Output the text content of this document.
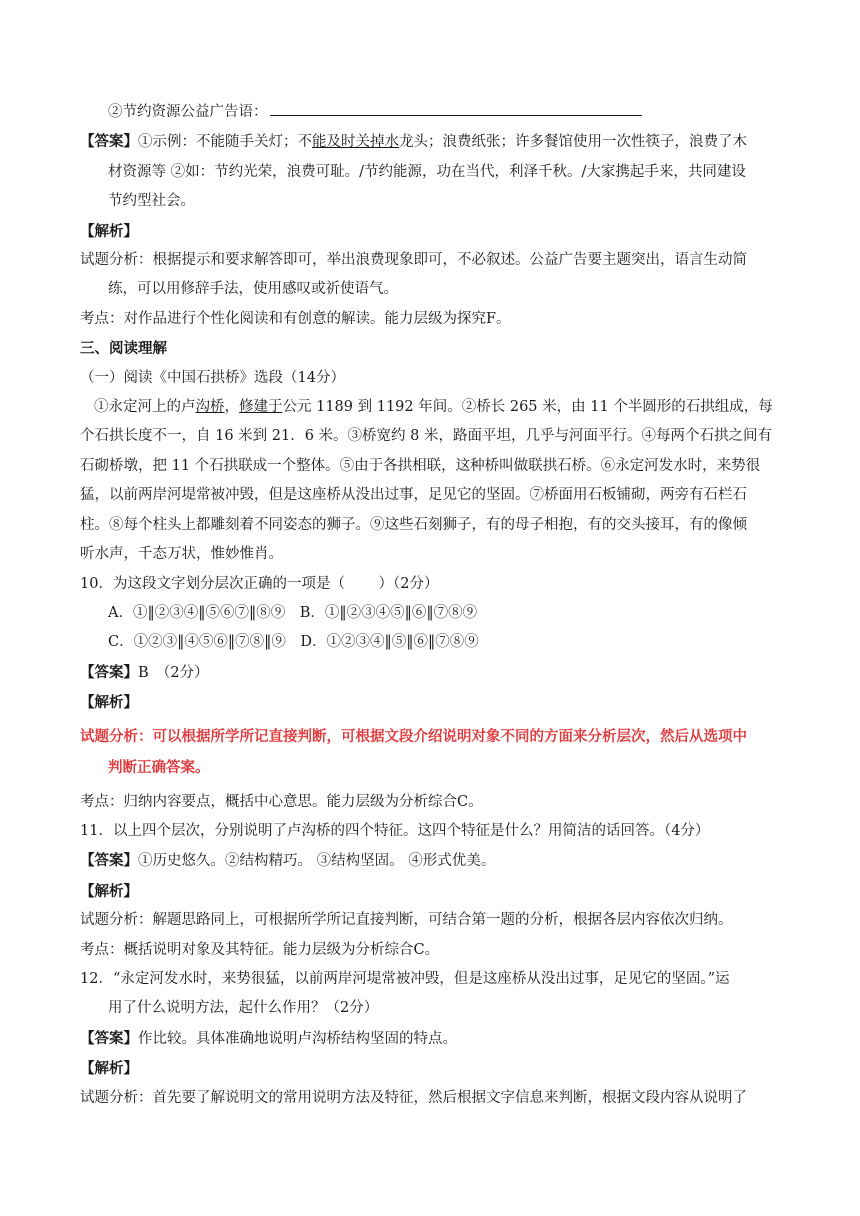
②节约资源公益广告语：
【答案】①示例：不能随手关灯；不能及时关掉水龙头；浪费纸张；许多餐馆使用一次性筷子，浪费了木
材资源等 ②如：节约光荣，浪费可耻。/节约能源，功在当代，利泽千秋。/大家携起手来，共同建设
节约型社会。
【解析】
试题分析：根据提示和要求解答即可，举出浪费现象即可，不必叙述。公益广告要主题突出，语言生动简
练，可以用修辞手法，使用感叹或祈使语气。
考点：对作品进行个性化阅读和有创意的解读。能力层级为探究F。
三、阅读理解
（一）阅读《中国石拱桥》选段（14分）
①永定河上的卢沟桥，修建于公元 1189 到 1192 年间。②桥长 265 米，由 11 个半圆形的石拱组成，每
个石拱长度不一，自 16 米到 21．6 米。③桥宽约 8 米，路面平坦，几乎与河面平行。④每两个石拱之间有
石砌桥墩，把 11 个石拱联成一个整体。⑤由于各拱相联，这种桥叫做联拱石桥。⑥永定河发水时，来势很
猛，以前两岸河堤常被冲毁，但是这座桥从没出过事，足见它的坚固。⑦桥面用石板铺砌，两旁有石栏石
柱。⑧每个柱头上都雕刻着不同姿态的狮子。⑨这些石刻狮子，有的母子相抱，有的交头接耳，有的像倾
听水声，千态万状，惟妙惟肖。
10．为这段文字划分层次正确的一项是（　　 ）（2分）
A．①‖②③④‖⑤⑥⑦‖⑧⑨　B．①‖②③④⑤‖⑥‖⑦⑧⑨
C．①②③‖④⑤⑥‖⑦⑧‖⑨　D．①②③④‖⑤‖⑥‖⑦⑧⑨
【答案】B　（2分）
【解析】
试题分析：可以根据所学所记直接判断，可根据文段介绍说明对象不同的方面来分析层次，然后从选项中
判断正确答案。
考点：归纳内容要点，概括中心意思。能力层级为分析综合C。
11．以上四个层次，分别说明了卢沟桥的四个特征。这四个特征是什么？用简洁的话回答。（4分）
【答案】①历史悠久。②结构精巧。 ③结构坚固。 ④形式优美。
【解析】
试题分析：解题思路同上，可根据所学所记直接判断，可结合第一题的分析，根据各层内容依次归纳。
考点：概括说明对象及其特征。能力层级为分析综合C。
12．“永定河发水时，来势很猛，以前两岸河堤常被冲毁，但是这座桥从没出过事，足见它的坚固。”运
用了什么说明方法，起什么作用？（2分）
【答案】作比较。具体准确地说明卢沟桥结构坚固的特点。
【解析】
试题分析：首先要了解说明文的常用说明方法及特征，然后根据文字信息来判断，根据文段内容从说明了
